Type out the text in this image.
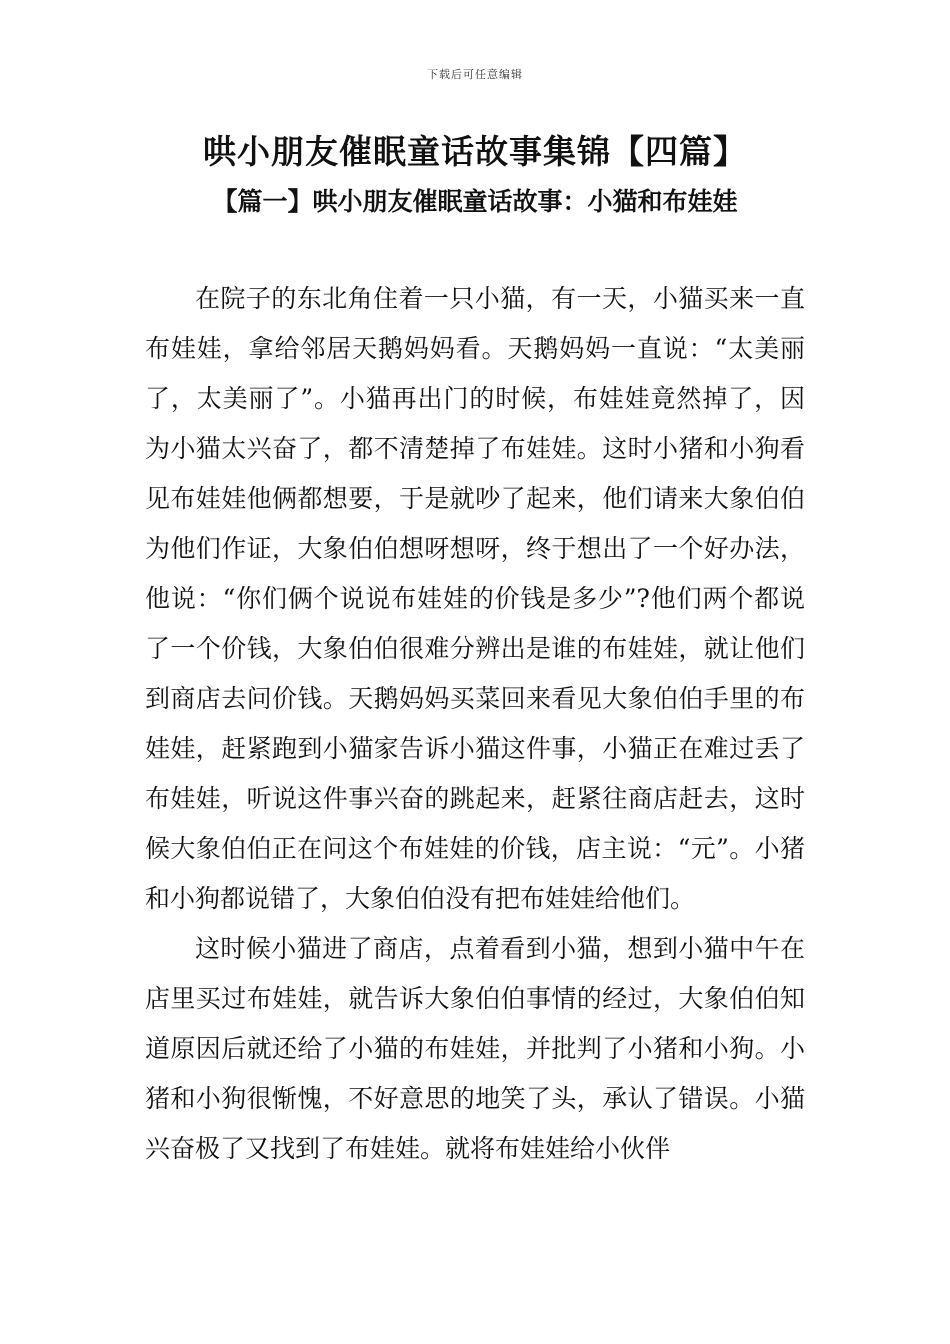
下载后可任意编辑
哄小朋友催眠童话故事集锦【四篇】
【篇一】哄小朋友催眠童话故事：小猫和布娃娃

在院子的东北角住着一只小猫，有一天，小猫买来一直布娃娃，拿给邻居天鹅妈妈看。天鹅妈妈一直说：“太美丽了，太美丽了”。小猫再出门的时候，布娃娃竟然掉了，因为小猫太兴奋了，都不清楚掉了布娃娃。这时小猪和小狗看见布娃娃他俩都想要，于是就吵了起来，他们请来大象伯伯为他们作证，大象伯伯想呀想呀，终于想出了一个好办法，他说：“你们俩个说说布娃娃的价钱是多少”?他们两个都说了一个价钱，大象伯伯很难分辨出是谁的布娃娃，就让他们到商店去问价钱。天鹅妈妈买菜回来看见大象伯伯手里的布娃娃，赶紧跑到小猫家告诉小猫这件事，小猫正在难过丢了布娃娃，听说这件事兴奋的跳起来，赶紧往商店赶去，这时候大象伯伯正在问这个布娃娃的价钱，店主说：“元”。小猪和小狗都说错了，大象伯伯没有把布娃娃给他们。

这时候小猫进了商店，点着看到小猫，想到小猫中午在店里买过布娃娃，就告诉大象伯伯事情的经过，大象伯伯知道原因后就还给了小猫的布娃娃，并批判了小猪和小狗。小猪和小狗很惭愧，不好意思的地笑了头，承认了错误。小猫兴奋极了又找到了布娃娃。就将布娃娃给小伙伴
